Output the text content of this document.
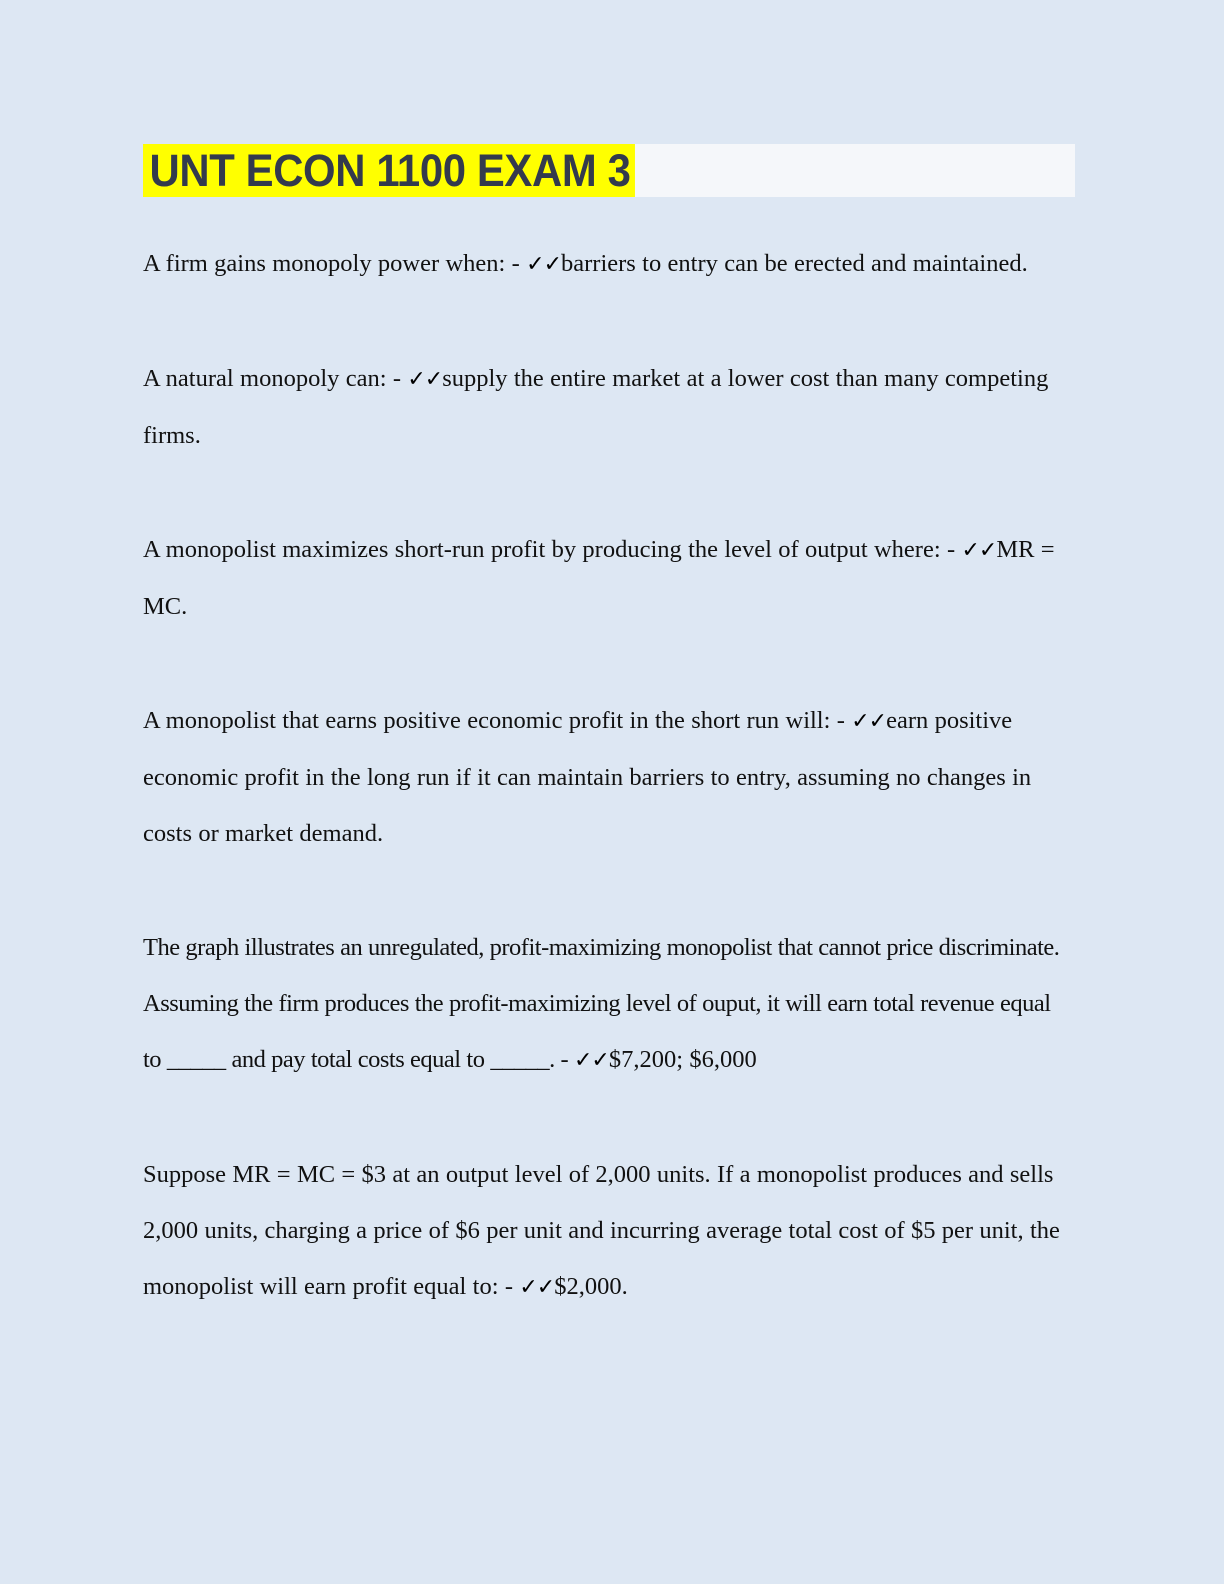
UNT ECON 1100 EXAM 3

A firm gains monopoly power when: - ✓✓barriers to entry can be erected and maintained.

A natural monopoly can: - ✓✓supply the entire market at a lower cost than many competing firms.

A monopolist maximizes short-run profit by producing the level of output where: - ✓✓MR = MC.

A monopolist that earns positive economic profit in the short run will: - ✓✓earn positive economic profit in the long run if it can maintain barriers to entry, assuming no changes in costs or market demand.

The graph illustrates an unregulated, profit-maximizing monopolist that cannot price discriminate. Assuming the firm produces the profit-maximizing level of ouput, it will earn total revenue equal to _____ and pay total costs equal to _____. - ✓✓$7,200; $6,000

Suppose MR = MC = $3 at an output level of 2,000 units. If a monopolist produces and sells 2,000 units, charging a price of $6 per unit and incurring average total cost of $5 per unit, the monopolist will earn profit equal to: - ✓✓$2,000.
